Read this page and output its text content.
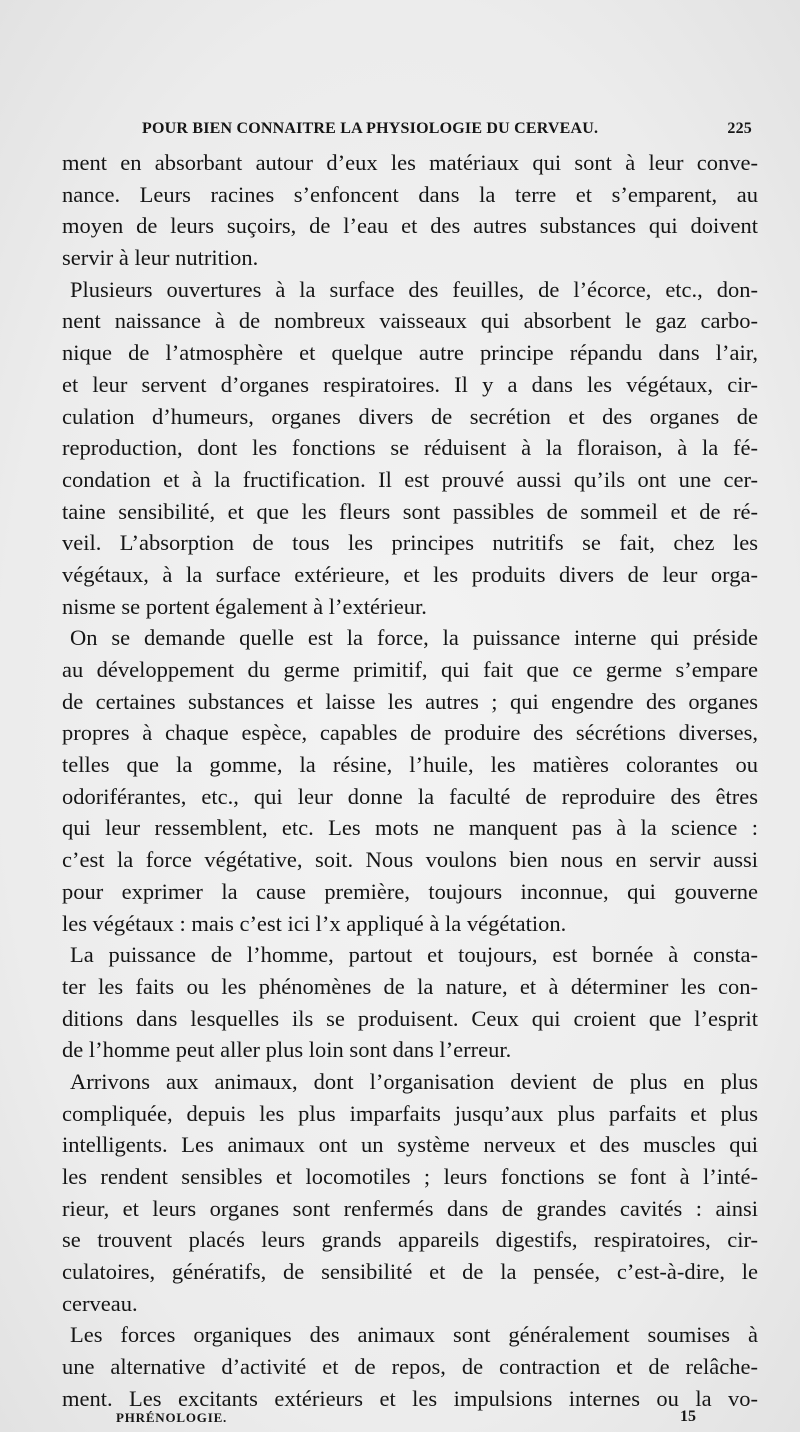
POUR BIEN CONNAITRE LA PHYSIOLOGIE DU CERVEAU.	225
ment en absorbant autour d’eux les matériaux qui sont à leur conve-
nance. Leurs racines s’enfoncent dans la terre et s’emparent, au
moyen de leurs suçoirs, de l’eau et des autres substances qui doivent
servir à leur nutrition.
Plusieurs ouvertures à la surface des feuilles, de l’écorce, etc., don-
nent naissance à de nombreux vaisseaux qui absorbent le gaz carbo-
nique de l’atmosphère et quelque autre principe répandu dans l’air,
et leur servent d’organes respiratoires. Il y a dans les végétaux, cir-
culation d’humeurs, organes divers de secrétion et des organes de
reproduction, dont les fonctions se réduisent à la floraison, à la fé-
condation et à la fructification. Il est prouvé aussi qu’ils ont une cer-
taine sensibilité, et que les fleurs sont passibles de sommeil et de ré-
veil. L’absorption de tous les principes nutritifs se fait, chez les
végétaux, à la surface extérieure, et les produits divers de leur orga-
nisme se portent également à l’extérieur.
On se demande quelle est la force, la puissance interne qui préside
au développement du germe primitif, qui fait que ce germe s’empare
de certaines substances et laisse les autres ; qui engendre des organes
propres à chaque espèce, capables de produire des sécrétions diverses,
telles que la gomme, la résine, l’huile, les matières colorantes ou
odoriférantes, etc., qui leur donne la faculté de reproduire des êtres
qui leur ressemblent, etc. Les mots ne manquent pas à la science :
c’est la force végétative, soit. Nous voulons bien nous en servir aussi
pour exprimer la cause première, toujours inconnue, qui gouverne
les végétaux : mais c’est ici l’x appliqué à la végétation.
La puissance de l’homme, partout et toujours, est bornée à consta-
ter les faits ou les phénomènes de la nature, et à déterminer les con-
ditions dans lesquelles ils se produisent. Ceux qui croient que l’esprit
de l’homme peut aller plus loin sont dans l’erreur.
Arrivons aux animaux, dont l’organisation devient de plus en plus
compliquée, depuis les plus imparfaits jusqu’aux plus parfaits et plus
intelligents. Les animaux ont un système nerveux et des muscles qui
les rendent sensibles et locomotiles ; leurs fonctions se font à l’inté-
rieur, et leurs organes sont renfermés dans de grandes cavités : ainsi
se trouvent placés leurs grands appareils digestifs, respiratoires, cir-
culatoires, génératifs, de sensibilité et de la pensée, c’est-à-dire, le
cerveau.
Les forces organiques des animaux sont généralement soumises à
une alternative d’activité et de repos, de contraction et de relâche-
ment. Les excitants extérieurs et les impulsions internes ou la vo-
PHRÉNOLOGIE.	15
